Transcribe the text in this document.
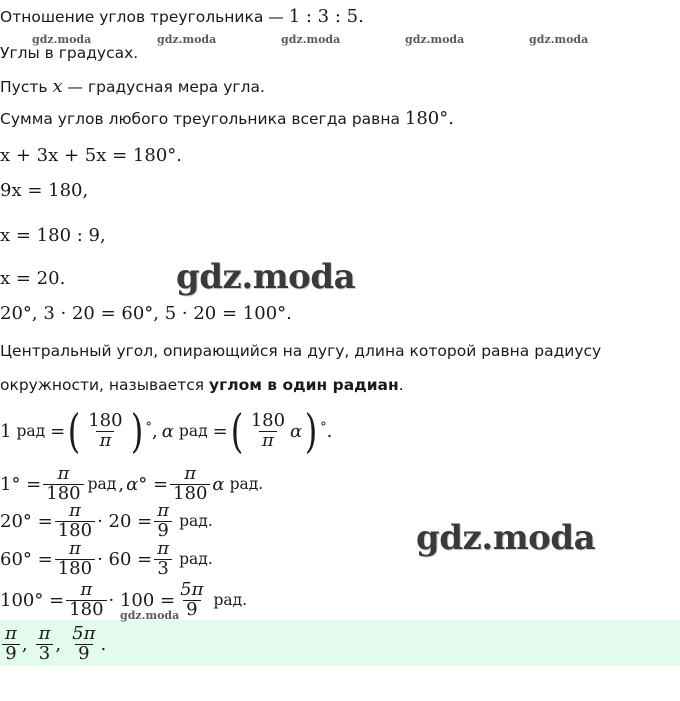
Отношение углов треугольника — 1 : 3 : 5.
gdz.moda	gdz.moda	gdz.moda	gdz.moda	gdz.moda
Углы в градусах.
Пусть x — градусная мера угла.
Сумма углов любого треугольника всегда равна 180°.
x + 3x + 5x = 180°.
9x = 180,
x = 180 : 9,
x = 20.	gdz.moda
20°, 3 · 20 = 60°, 5 · 20 = 100°.
Центральный угол, опирающийся на дугу, длина которой равна радиусу
окружности, называется углом в один радиан.
1 рад = ( $\frac{180}{\pi}$ ) ° , α рад = ( $\frac{180}{\pi}$ α ) ° .
$1^\circ = \frac{\pi}{180}$ рад , α ° = $\frac{\pi}{180}$ α рад .
$20^\circ = \frac{\pi}{180} \cdot 20 = \frac{\pi}{9}$ рад .	gdz.moda
$60^\circ = \frac{\pi}{180} \cdot 60 = \frac{\pi}{3}$ рад .
$100^\circ = \frac{\pi}{180} \cdot 100 = \frac{5\pi}{9}$ рад .
gdz.moda
$\frac{\pi}{9}$ , $\frac{\pi}{3}$ , $\frac{5\pi}{9}$ .
